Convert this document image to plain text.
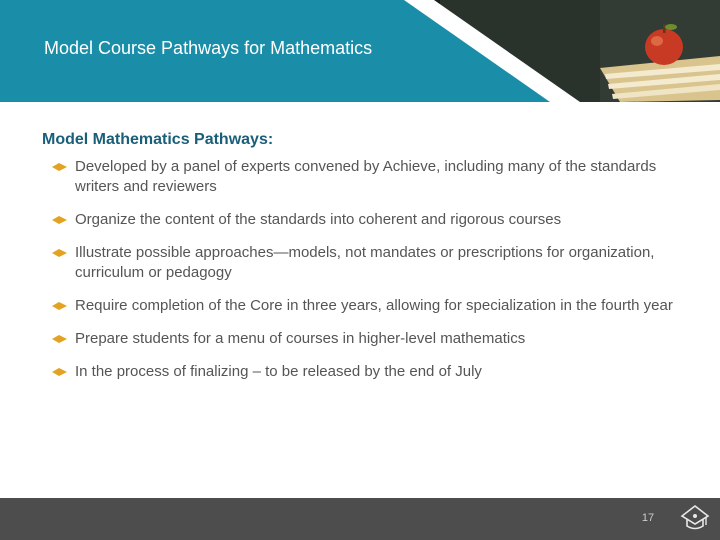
Model Course Pathways for Mathematics
Model Mathematics Pathways:
Developed by a panel of experts convened by Achieve, including many of the standards writers and reviewers
Organize the content of the standards into coherent and rigorous courses
Illustrate possible approaches—models, not mandates or prescriptions for organization, curriculum or pedagogy
Require completion of the Core in three years, allowing for specialization in the fourth year
Prepare students for a menu of courses in higher-level mathematics
In the process of finalizing – to be released by the end of July
17
